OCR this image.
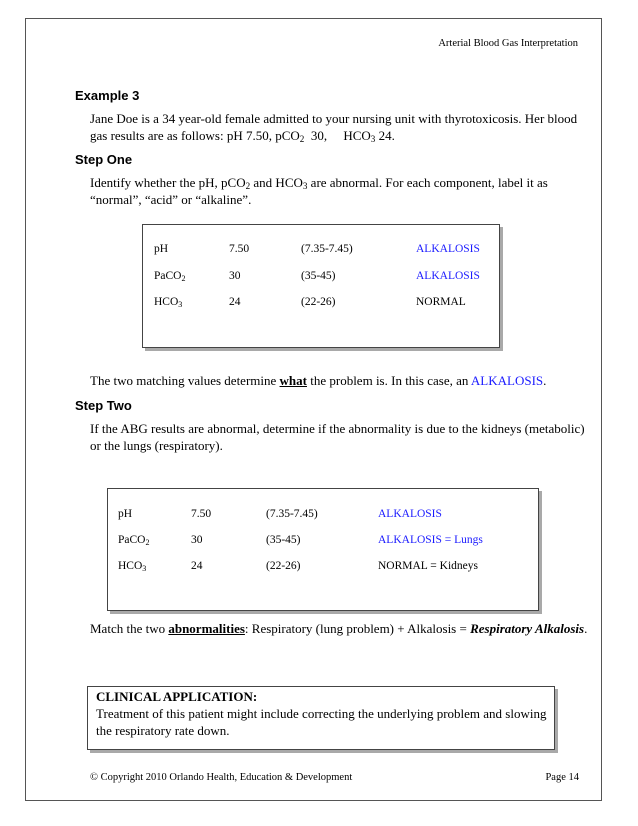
Arterial Blood Gas Interpretation
Example 3
Jane Doe is a 34 year-old female admitted to your nursing unit with thyrotoxicosis. Her blood
gas results are as follows: pH 7.50, pCO$_2$  30,     $HCO_3$ 24.
Step One
Identify whether the pH, pCO$_2$ and $HCO_3$ are abnormal. For each component, label it as
“normal”, “acid” or “alkaline”.
pH	7.50	(7.35-7.45)	ALKALOSIS
PaCO$_2$	30	(35-45)	ALKALOSIS
$HCO_3$	24	(22-26)	NORMAL
The two matching values determine what the problem is. In this case, an ALKALOSIS.
Step Two
If the ABG results are abnormal, determine if the abnormality is due to the kidneys (metabolic)
or the lungs (respiratory).
pH	7.50	(7.35-7.45)	ALKALOSIS
PaCO$_2$	30	(35-45)	ALKALOSIS = Lungs
$HCO_3$	24	(22-26)	NORMAL = Kidneys
Match the two abnormalities: Respiratory (lung problem) + Alkalosis = Respiratory Alkalosis.
CLINICAL APPLICATION:
Treatment of this patient might include correcting the underlying problem and slowing
the respiratory rate down.
© Copyright 2010 Orlando Health, Education & Development	Page 14
